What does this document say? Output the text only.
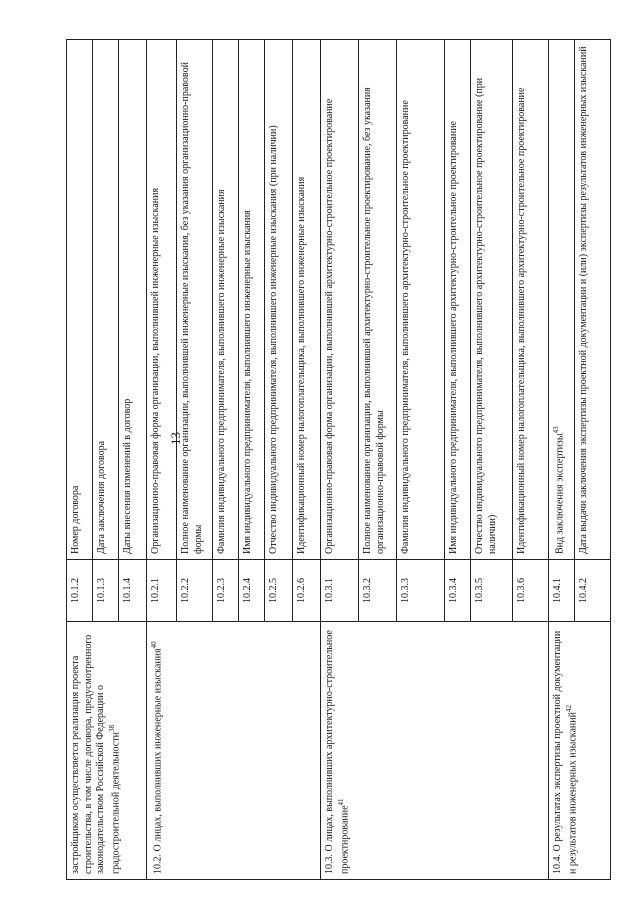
13
застройщиком осуществляется реализация проекта строительства, в том числе договора, предусмотренного законодательством Российской Федерации о градостроительной деятельности$^{38}$	10.1.2	Номер договора
	10.1.3	Дата заключения договора
	10.1.4	Даты внесения изменений в договор
10.2. О лицах, выполнивших инженерные изыскания$^{40}$	10.2.1	Организационно-правовая форма организации, выполнившей инженерные изыскания
	10.2.2	Полное наименование организации, выполнившей инженерные изыскания, без указания организационно-правовой формы
	10.2.3	Фамилия индивидуального предпринимателя, выполнившего инженерные изыскания
	10.2.4	Имя индивидуального предпринимателя, выполнившего инженерные изыскания
	10.2.5	Отчество индивидуального предпринимателя, выполнившего инженерные изыскания (при наличии)
	10.2.6	Идентификационный номер налогоплательщика, выполнившего инженерные изыскания
10.3. О лицах, выполнивших архитектурно-строительное проектирование$^{41}$	10.3.1	Организационно-правовая форма организации, выполнившей архитектурно-строительное проектирование
	10.3.2	Полное наименование организации, выполнившей архитектурно-строительное проектирование, без указания организационно-правовой формы
	10.3.3	Фамилия индивидуального предпринимателя, выполнившего архитектурно-строительное проектирование
	10.3.4	Имя индивидуального предпринимателя, выполнившего архитектурно-строительное проектирование
	10.3.5	Отчество индивидуального предпринимателя, выполнившего архитектурно-строительное проектирование (при наличии)
	10.3.6	Идентификационный номер налогоплательщика, выполнившего архитектурно-строительное проектирование
10.4. О результатах экспертизы проектной документации и результатов инженерных изысканий$^{42}$	10.4.1	Вид заключения экспертизы$^{43}$
	10.4.2	Дата выдачи заключения экспертизы проектной документации и (или) экспертизы результатов инженерных изысканий
